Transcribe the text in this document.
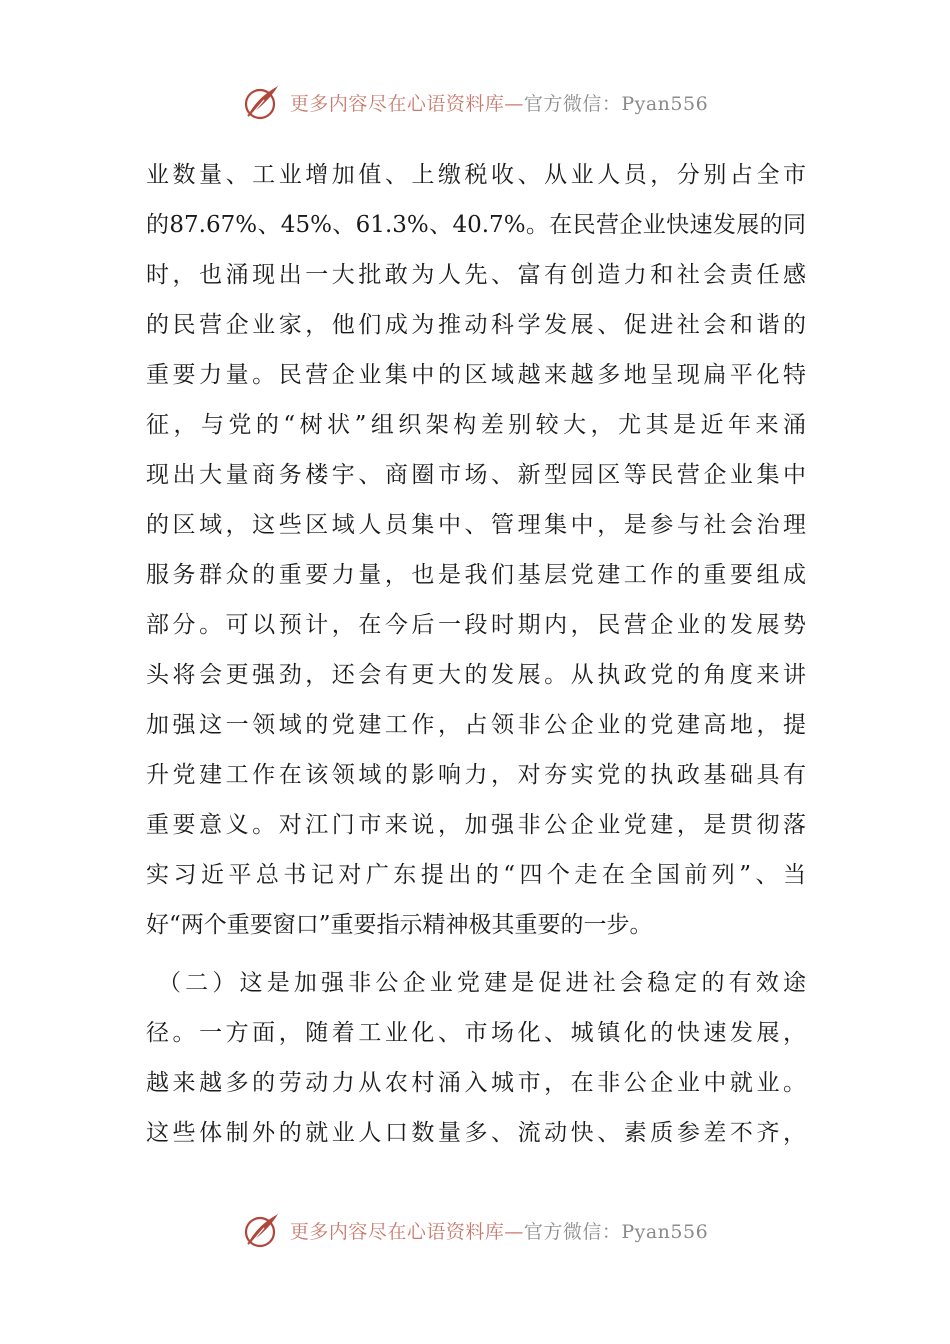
更多内容尽在心语资料库—官方微信：Pyan556
业数量、工业增加值、上缴税收、从业人员，分别占全市
的87.67%、45%、61.3%、40.7%。在民营企业快速发展的同
时，也涌现出一大批敢为人先、富有创造力和社会责任感
的民营企业家，他们成为推动科学发展、促进社会和谐的
重要力量。民营企业集中的区域越来越多地呈现扁平化特
征，与党的“树状”组织架构差别较大，尤其是近年来涌
现出大量商务楼宇、商圈市场、新型园区等民营企业集中
的区域，这些区域人员集中、管理集中，是参与社会治理
服务群众的重要力量，也是我们基层党建工作的重要组成
部分。可以预计，在今后一段时期内，民营企业的发展势
头将会更强劲，还会有更大的发展。从执政党的角度来讲
加强这一领域的党建工作，占领非公企业的党建高地，提
升党建工作在该领域的影响力，对夯实党的执政基础具有
重要意义。对江门市来说，加强非公企业党建，是贯彻落
实习近平总书记对广东提出的“四个走在全国前列”、当
好“两个重要窗口”重要指示精神极其重要的一步。
（二）这是加强非公企业党建是促进社会稳定的有效途
径。一方面，随着工业化、市场化、城镇化的快速发展，
越来越多的劳动力从农村涌入城市，在非公企业中就业。
这些体制外的就业人口数量多、流动快、素质参差不齐，
更多内容尽在心语资料库—官方微信：Pyan556
